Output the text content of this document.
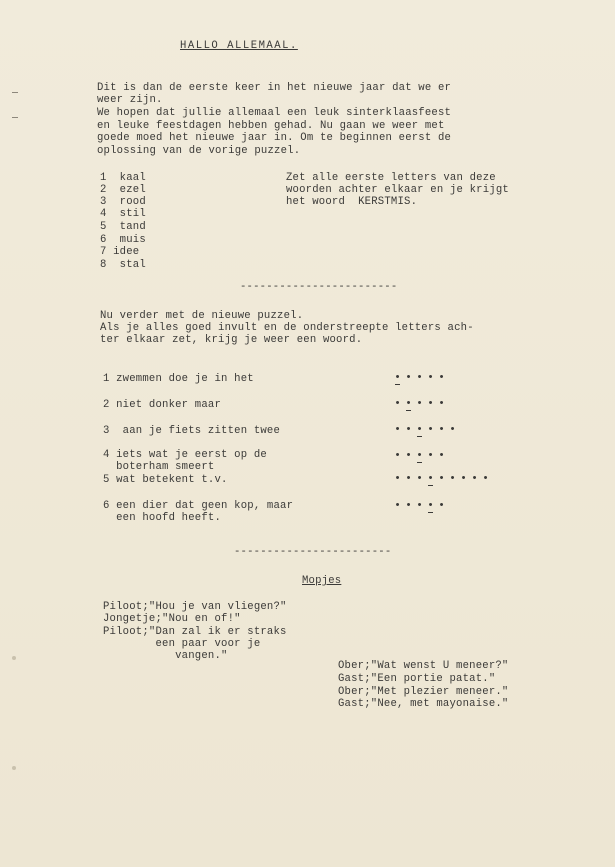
HALLO ALLEMAAL.
Dit is dan de eerste keer in het nieuwe jaar dat we er
weer zijn.
We hopen dat jullie allemaal een leuk sinterklaasfeest
en leuke feestdagen hebben gehad. Nu gaan we weer met
goede moed het nieuwe jaar in. Om te beginnen eerst de
oplossing van de vorige puzzel.
1  kaal
2  ezel
3  rood
4  stil
5  tand
6  muis
7 idee
8  stal
Zet alle eerste letters van deze
woorden achter elkaar en je krijgt
het woord  KERSTMIS.
------------------------
Nu verder met de nieuwe puzzel.
Als je alles goed invult en de onderstreepte letters ach-
ter elkaar zet, krijg je weer een woord.
1 zwemmen doe je in het	• • • • •
2 niet donker maar	• • • • •
3  aan je fiets zitten twee	• • • • • •
4 iets wat je eerst op de
boterham smeert
• • • • •
5 wat betekent t.v.	• • • • • • • • •
6 een dier dat geen kop, maar
een hoofd heeft.
• • • • •
------------------------
Mopjes
Piloot;"Hou je van vliegen?"
Jongetje;"Nou en of!"
Piloot;"Dan zal ik er straks
een paar voor je
vangen."
Ober;"Wat wenst U meneer?"
Gast;"Een portie patat."
Ober;"Met plezier meneer."
Gast;"Nee, met mayonaise."
